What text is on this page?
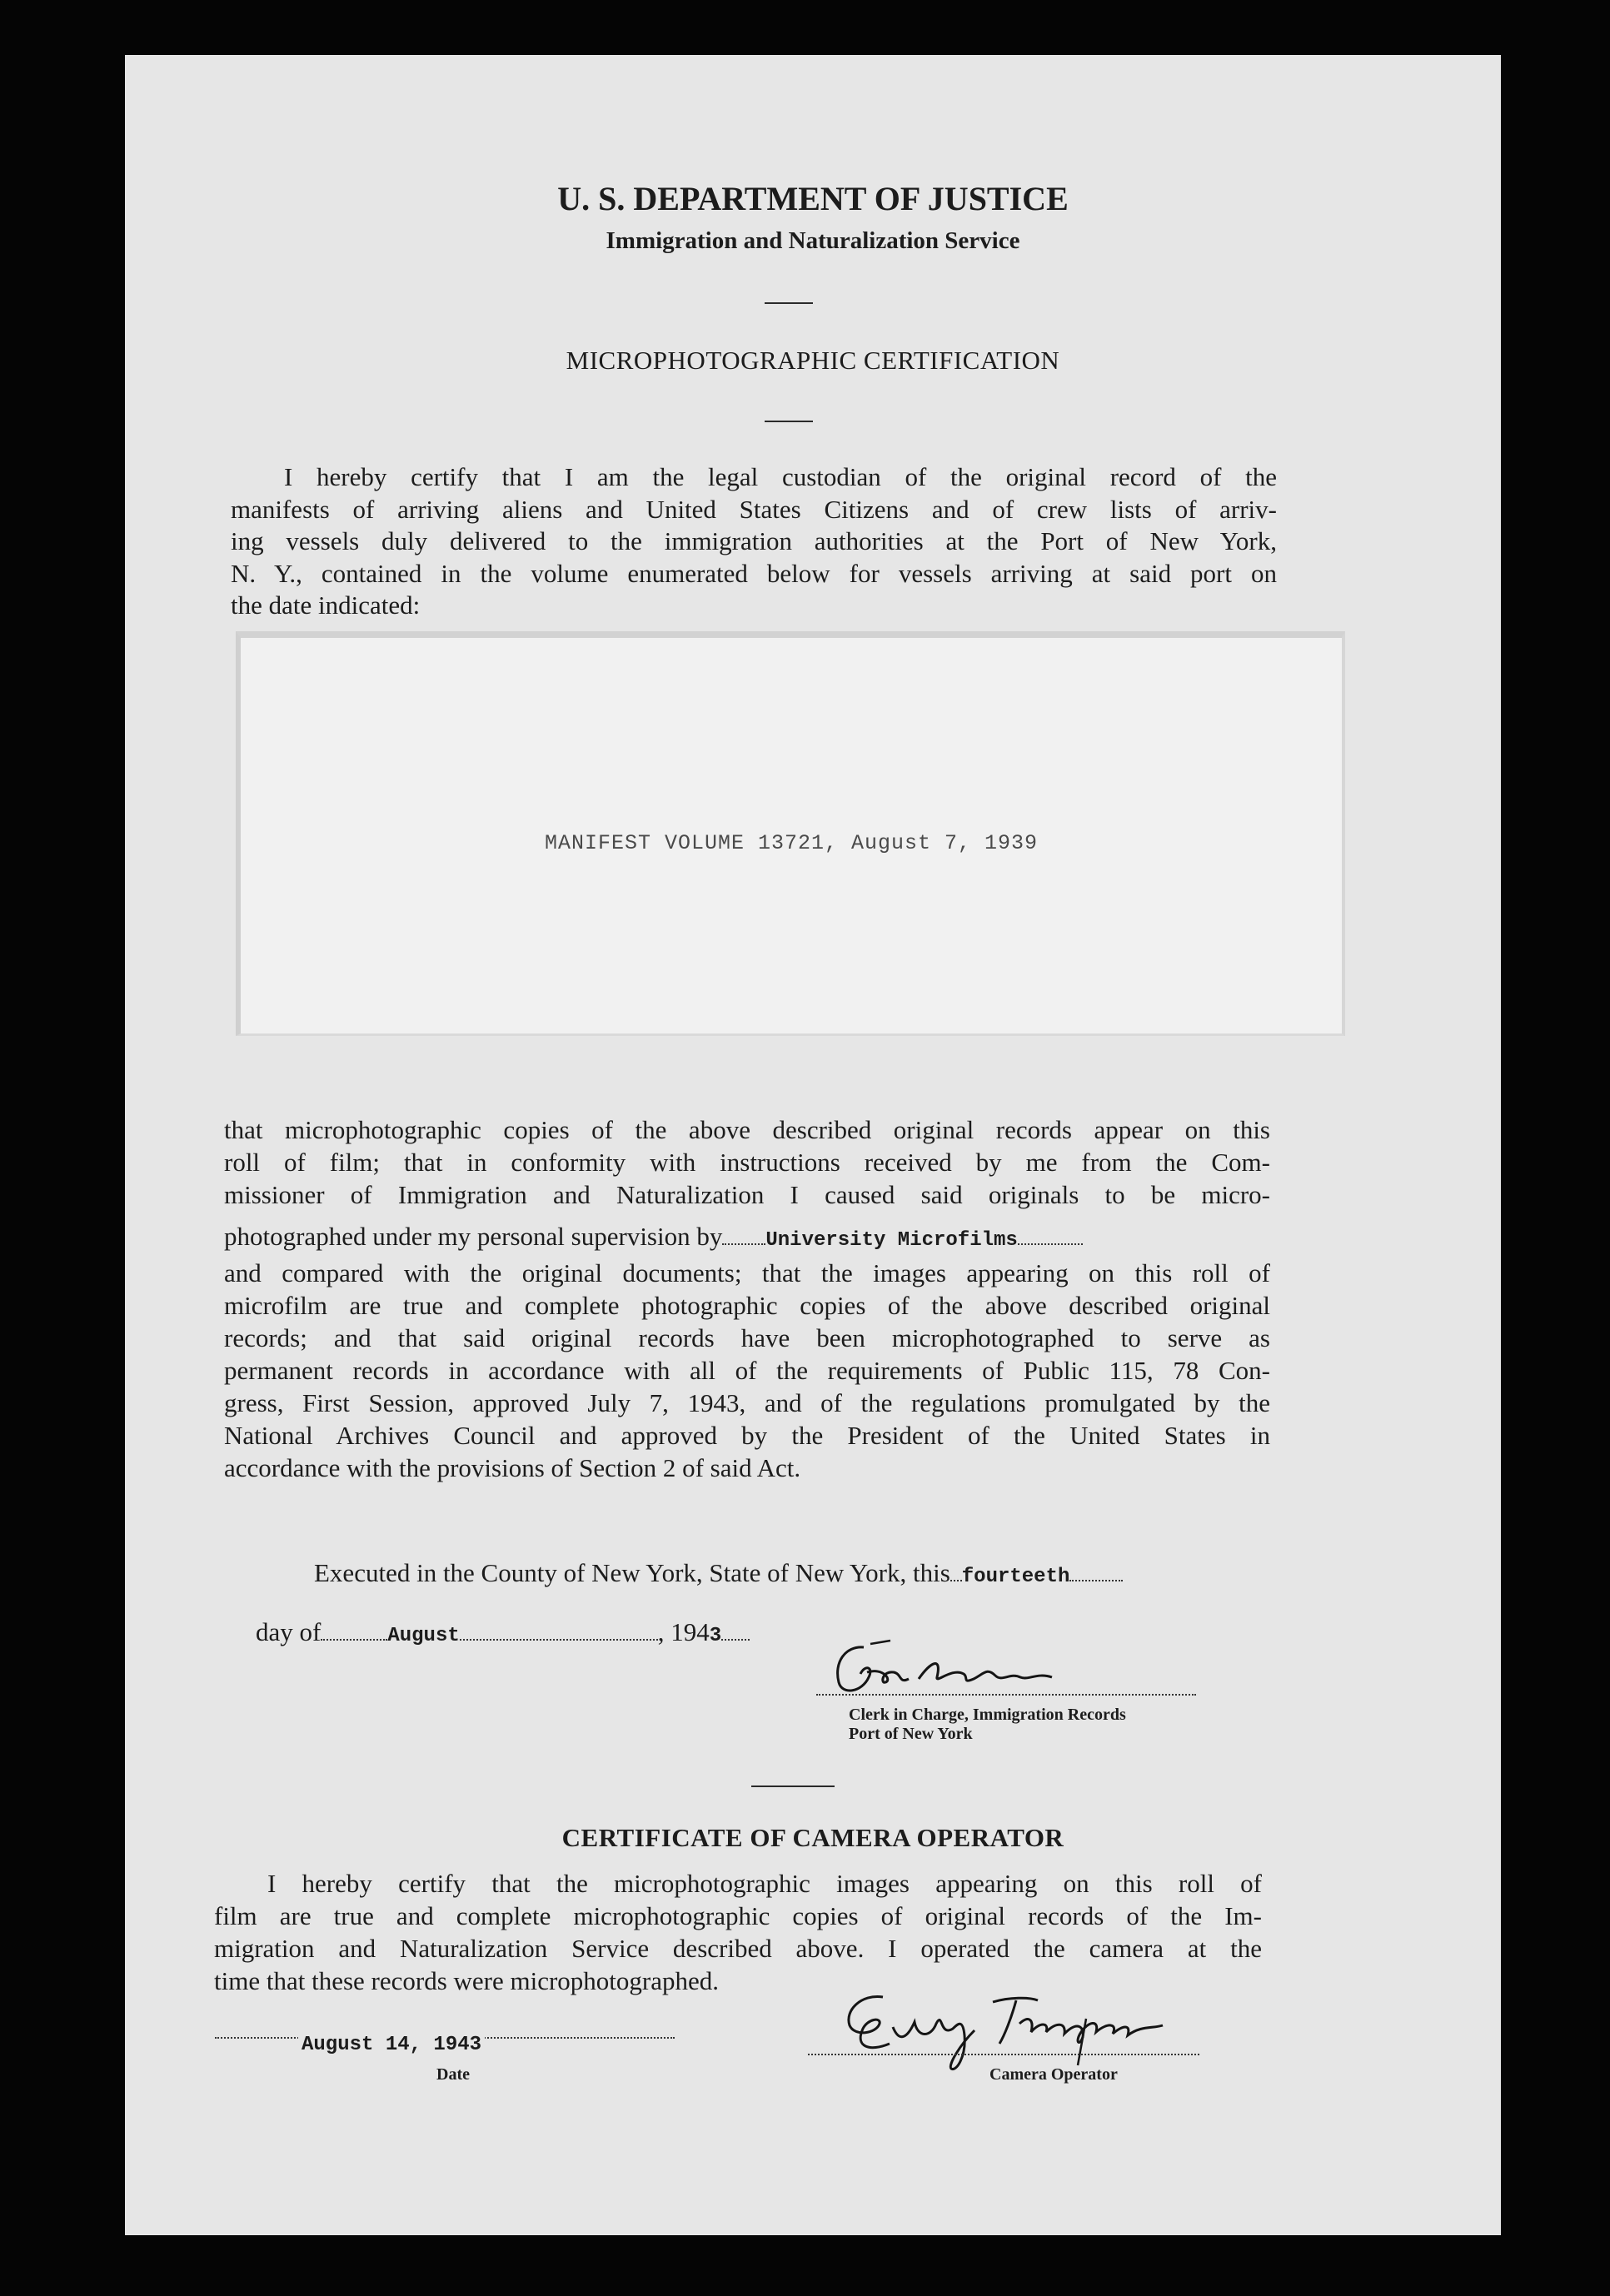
U. S. DEPARTMENT OF JUSTICE
Immigration and Naturalization Service
MICROPHOTOGRAPHIC CERTIFICATION

I hereby certify that I am the legal custodian of the original record of the

manifests of arriving aliens and United States Citizens and of crew lists of arriv-

ing vessels duly delivered to the immigration authorities at the Port of New York,

N. Y., contained in the volume enumerated below for vessels arriving at said port on

the date indicated:

MANIFEST VOLUME 13721, August 7, 1939

that microphotographic copies of the above described original records appear on this

roll of film; that in conformity with instructions received by me from the Com-

missioner of Immigration and Naturalization I caused said originals to be micro-

photographed under my personal supervision by University Microfilms

and compared with the original documents; that the images appearing on this roll of

microfilm are true and complete photographic copies of the above described original

records; and that said original records have been microphotographed to serve as

permanent records in accordance with all of the requirements of Public 115, 78 Con-

gress, First Session, approved July 7, 1943, and of the regulations promulgated by the

National Archives Council and approved by the President of the United States in

accordance with the provisions of Section 2 of said Act.

Executed in the County of New York, State of New York, this fourteeth
day of	August	, 1943
Clerk in Charge, Immigration Records
Port of New York
CERTIFICATE OF CAMERA OPERATOR

I hereby certify that the microphotographic images appearing on this roll of

film are true and complete microphotographic copies of original records of the Im-

migration and Naturalization Service described above. I operated the camera at the

time that these records were microphotographed.

August 14, 1943
Date	Camera Operator
